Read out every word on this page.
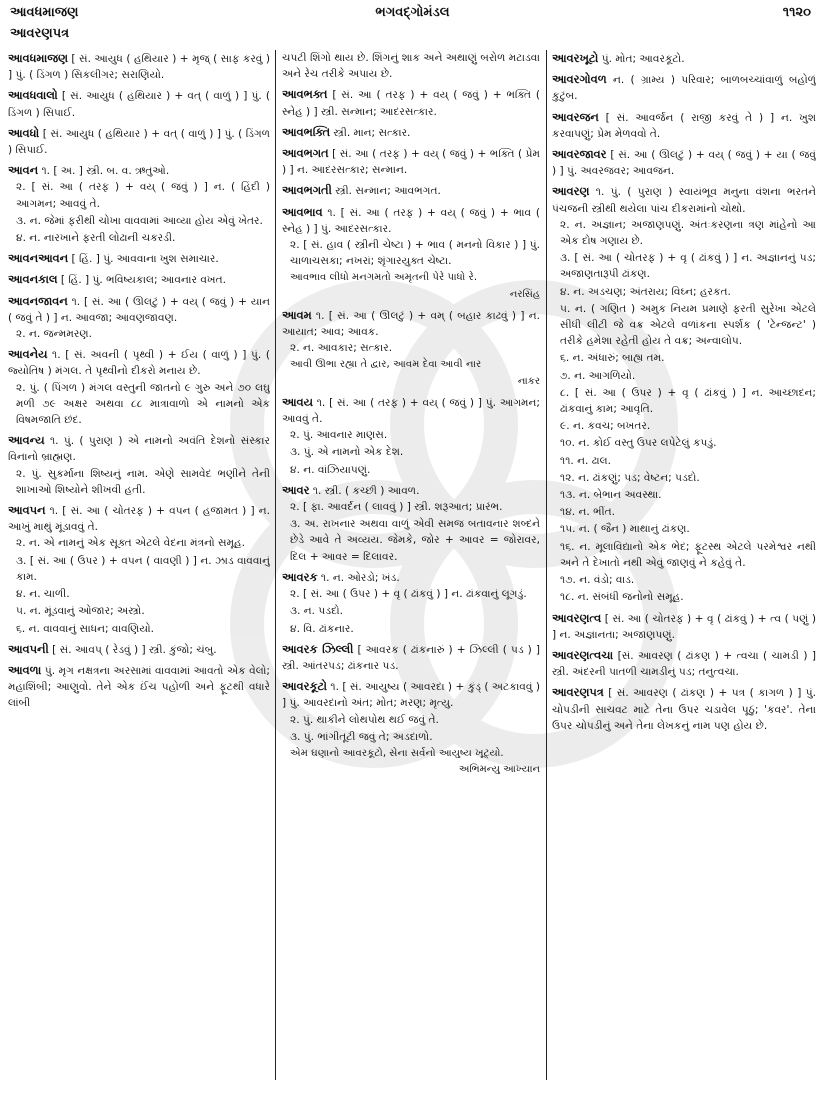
આવધમાજણ
આવરણપત્ર
ભગવદ્ગોમંડલ	૧૧૨૦
આવધમાજણ [ સં. આયુધ ( હથિયાર ) + મૃજ્ ( સાફ કરવું ) ] પું. ( ડિંગળ ) સિકલીગર; સરાણિયો.
આવધવાલો [ સં. આયુધ ( હથિયાર ) + વત્ ( વાળું ) ] પું. ( ડિંગળ ) સિપાઈ.
આવધો [ સં. આયુધ ( હથિયાર ) + વત્ ( વાળું ) ] પું. ( ડિંગળ ) સિપાઈ.
આવન ૧. [ અ. ] સ્ત્રી. બ. વ. ઋતુઓ.
૨. [ સં. આ ( તરફ ) + વય્ ( જવું ) ] ન. ( હિંદી ) આગમન; આવવું તે.
૩. ન. જેમાં ફરીથી ચોખા વાવવામાં આવ્યા હોય એવું ખેતર.
૪. ન. નારખાને ફરતી લોઢાની ચકરડી.
આવનઆવન [ હિં. ] પું. આવવાના ખુશ સમાચાર.
આવનકાલ [ હિં. ] પું. ભવિષ્યકાલ; આવનાર વખત.
આવનજાવન ૧. [ સં. આ ( ઊલટું ) + વય્ ( જવું ) + યાન ( જવું તે ) ] ન. આવજા; આવણજાવણ.
૨. ન. જન્મમરણ.
આવનેય ૧. [ સં. અવની ( પૃથ્વી ) + ઈય ( વાળું ) ] પું. ( જ્યોતિષ ) મંગલ. તે પૃથ્વીનો દીકરો મનાય છે.
૨. પું. ( પિંગળ ) મંગલ વસ્તુની જાતનો ૯ ગુરુ અને ૭૦ લઘુ મળી ૭૯ અક્ષર અથવા ૮૮ માત્રાવાળો એ નામનો એક વિષમજાતિ છંદ.
આવન્ય ૧. પું. ( પુરાણ ) એ નામનો અવંતિ દેશનો સંસ્કાર વિનાનો બ્રાહ્મણ.
૨. પું. સુકર્માના શિષ્યનું નામ. એણે સામવેદ ભણીને તેની શાખાઓ શિષ્યોને શીખવી હતી.
આવપન ૧. [ સં. આ ( ચોતરફ ) + વપન ( હજામત ) ] ન. આખું માથું મૂંડાવવું તે.
૨. ન. એ નામનું એક સૂક્ત એટલે વેદના મંત્રનો સમૂહ.
૩. [ સં. આ ( ઉપર ) + વપન ( વાવણી ) ] ન. ઝાડ વાવવાનું કામ.
૪. ન. ચાળી.
૫. ન. મૂંડવાનું ઓજાર; અસ્ત્રો.
૬. ન. વાવવાનું સાધન; વાવણિયો.
આવપની [ સં. આવપ્ ( રેડવું ) ] સ્ત્રી. કુંજો; ચંબુ.
આવળા પું. મૃગ નક્ષત્રના અરસામાં વાવવામાં આવતો એક વેલો; મહાશિંબી; આણુવો. તેને એક ઈંચ પહોળી અને ફૂટથી વધારે લાંબી
ચપટી શિંગો થાય છે. શિંગનું શાક અને અથાણું બરોળ મટાડવા અને રેચ તરીકે અપાય છે.
આવભક્ત [ સં. આ ( તરફ ) + વય્ ( જવું ) + ભક્તિ ( સ્નેહ ) ] સ્ત્રી. સન્માન; આદરસત્કાર.
આવભક્તિ સ્ત્રી. માન; સત્કાર.
આવભગત [ સં. આ ( તરફ ) + વય્ ( જવું ) + ભક્તિ ( પ્રેમ ) ] ન. આદરસત્કાર; સન્માન.
આવભગતી સ્ત્રી. સન્માન; આવભગત.
આવભાવ ૧. [ સં. આ ( તરફ ) + વય્ ( જવું ) + ભાવ ( સ્નેહ ) ] પું. આદરસત્કાર.
૨. [ સં. હાવ ( સ્ત્રીની ચેષ્ટા ) + ભાવ ( મનનો વિકાર ) ] પું. ચાળાચસકા; નખરાં; શૃંગારયુક્ત ચેષ્ટા.
આવભાવ લીધો મનગમતો અમૃતની પેરે પાધો રે.
નરસિંહ
આવમ ૧. [ સં. આ ( ઊલટું ) + વમ્ ( બહાર કાઢવું ) ] ન. આયાત; આવ; આવક.
૨. ન. આવકાર; સત્કાર.
આવી ઊભા રહ્યા તે દ્વાર, આવમ દેવા આવી નાર
નાકર
આવય ૧. [ સં. આ ( તરફ ) + વય્ ( જવું ) ] પું. આગમન; આવવું તે.
૨. પું. આવનાર માણસ.
૩. પું. એ નામનો એક દેશ.
૪. ન. વાંઝિયાપણું.
આવર ૧. સ્ત્રી. ( કચ્છી ) આવળ.
૨. [ ફા. આવર્દન ( લાવવું ) ] સ્ત્રી. શરૂઆત; પ્રારંભ.
૩. અ. રાખનાર અથવા વાળું એવી સમજ બતાવનાર શબ્દને છેડે આવે તે અવ્યય. જેમકે, જોર + આવર = જોરાવર, દિલ + આવર = દિલાવર.
આવરક ૧. ન. ઓરડો; ખંડ.
૨. [ સં. આ ( ઉપર ) + વૃ ( ઢાંકવું ) ] ન. ઢાંકવાનું લૂગડું.
૩. ન. પડદો.
૪. વિ. ઢાંકનાર.
આવરક ઝિલ્લી [ આવરક ( ઢાંકનારું ) + ઝિલ્લી ( પડ ) ] સ્ત્રી. આંતરપડ; ઢાંકનાર પડ.
આવરકૂટો ૧. [ સં. આયુષ્ય ( આવરદા ) + કુંડ્ ( અટકાવવું ) ] પું. આવરદાનો અંત; મોત; મરણ; મૃત્યુ.
૨. પું. થાકીને લોથપોથ થઈ જવું તે.
૩. પું. ભાંગીતૂટી જવું તે; અડદાળો.
એમ ઘણાનો આવરકૂટો, સેના સર્વનો આયુષ્ય ખૂટ્યો.
અભિમન્યુ આખ્યાન
આવરખૂટો પું. મોત; આવરકૂટો.
આવરગોવળ ન. ( ગ્રામ્ય ) પરિવાર; બાળબચ્ચાંવાળું બહોળું કુટુંબ.
આવરજન [ સં. આવર્જન ( રાજી કરવું તે ) ] ન. ખુશ કરવાપણું; પ્રેમ મેળવવો તે.
આવરજાવર [ સં. આ ( ઊલટું ) + વય્ ( જવું ) + યા ( જવું ) ] પું. અવરજવર; આવજન.
આવરણ ૧. પું. ( પુરાણ ) સ્વાયંભૂવ મનુના વંશના ભરતને પંચજની સ્ત્રીથી થયેલા પાંચ દીકરામાંનો ચોથો.
૨. ન. અજ્ઞાન; અજાણપણું. અંતઃકરણના ત્રણ માંહેનો આ એક દોષ ગણાય છે.
૩. [ સં. આ ( ચોતરફ ) + વૃ ( ઢાંકવું ) ] ન. અજ્ઞાનનું પડ; અજાણતારૂપી ઢાંકણ.
૪. ન. અડચણ; અંતરાય; વિઘ્ન; હરકત.
૫. ન. ( ગણિત ) અમુક નિયમ પ્રમાણે ફરતી સુરેખા એટલે સીધી લીટી જે વક્ર એટલે વળાંકના સ્પર્શક ( 'ટેન્જન્ટ' ) તરીકે હમેશા રહેતી હોય તે વક્ર; અન્વાલોપ.
૬. ન. અંધારું; બાહ્ય તમ.
૭. ન. આગળિયો.
૮. [ સં. આ ( ઉપર ) + વૃ ( ઢાંકવું ) ] ન. આચ્છાદન; ઢાંકવાનું કામ; આવૃતિ.
૯. ન. કવચ; બખતર.
૧૦. ન. કોઈ વસ્તુ ઉપર લપેટેલું કપડું.
૧૧. ન. ઢાલ.
૧૨. ન. ઢાંકણું; પડ; વેષ્ટન; પડદો.
૧૩. ન. બેભાન અવસ્થા.
૧૪. ન. ભીંત.
૧૫. ન. ( જૈન ) માથાનું ઢાંકણ.
૧૬. ન. મૂલાવિદ્યાનો એક ભેદ; ફૂટસ્થ એટલે પરમેશ્વર નથી અને તે દેખાતો નથી એવું જાણવું ને કહેવું તે.
૧૭. ન. વંડો; વાડ.
૧૮. ન. સંબંધી જનોનો સમૂહ.
આવરણત્વ [ સં. આ ( ચોતરફ ) + વૃ ( ઢાંકવું ) + ત્વ ( પણું ) ] ન. અજ્ઞાનતા; અજાણપણું.
આવરણત્વચા [સં. આવરણ ( ઢાંકણ ) + ત્વચા ( ચામડી ) ] સ્ત્રી. અંદરની પાતળી ચામડીનું પડ; તનુત્વચા.
આવરણપત્ર [ સં. આવરણ ( ઢાંકણ ) + પત્ર ( કાગળ ) ] પું. ચોપડીની સાચવટ માટે તેના ઉપર ચડાવેલ પૂઠું; 'કવર'. તેના ઉપર ચોપડીનું અને તેના લેખકનું નામ પણ હોય છે.
